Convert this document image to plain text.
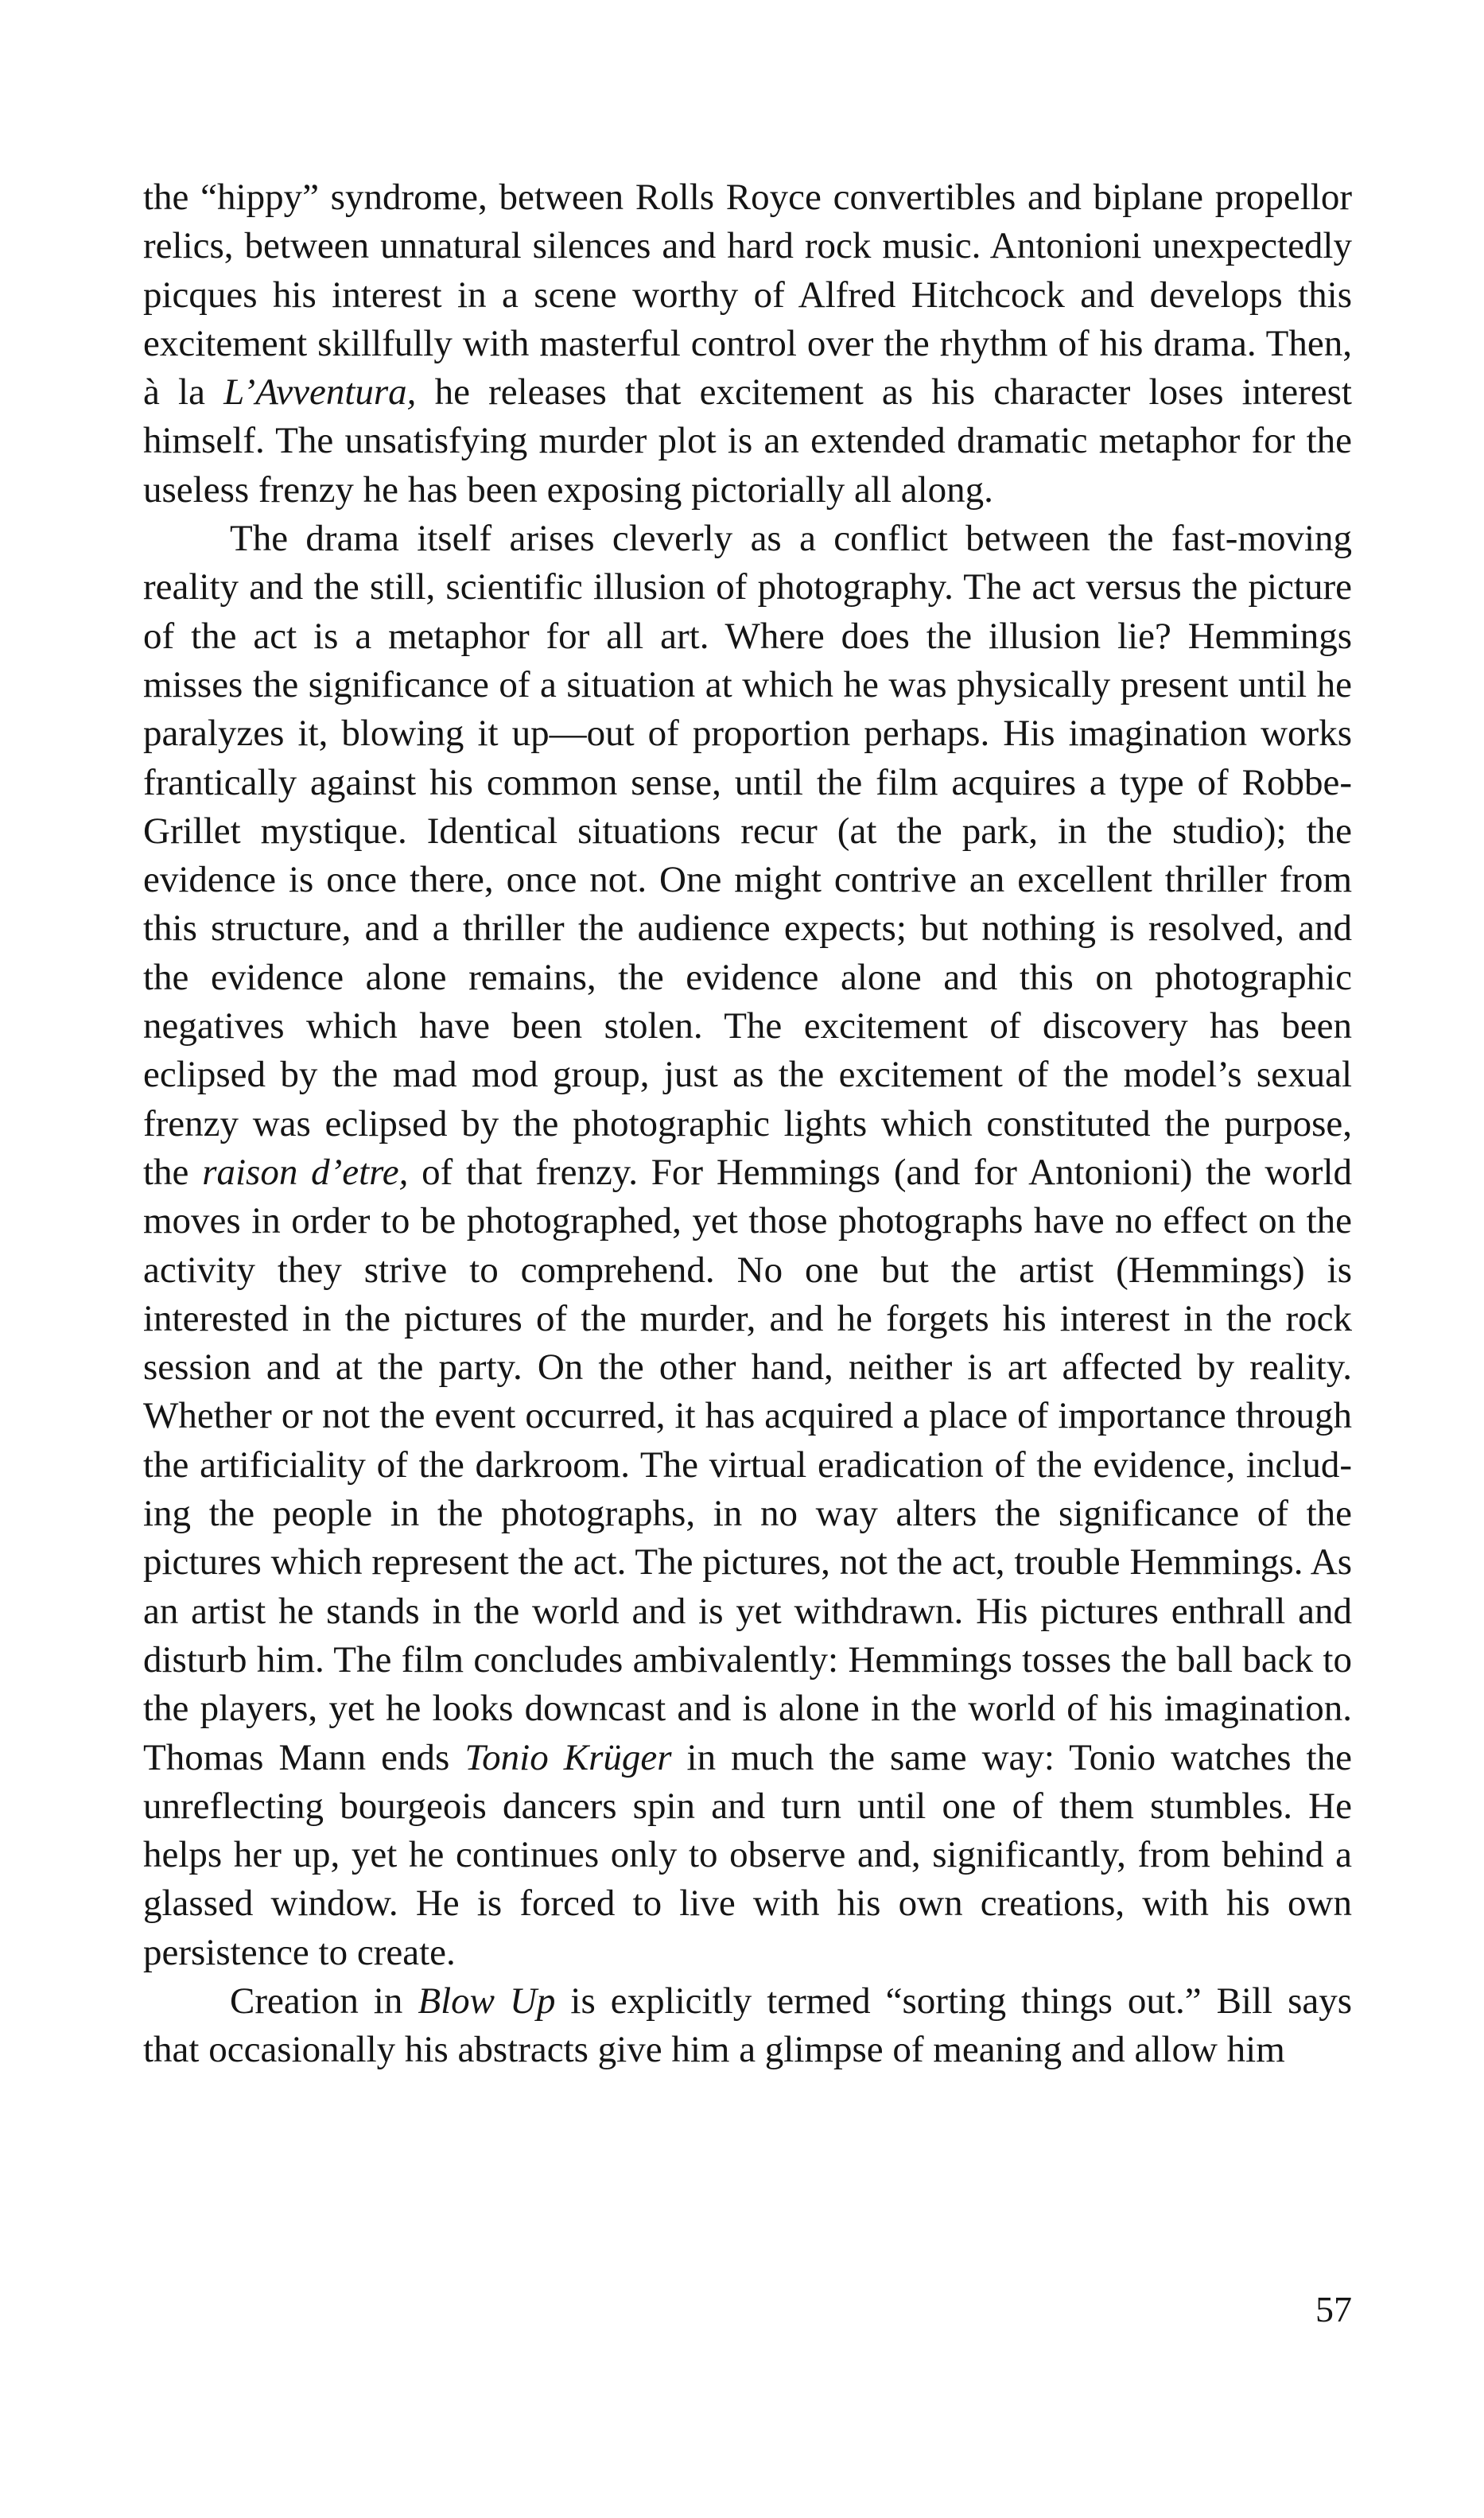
the “hippy” syndrome, between Rolls Royce convertibles and biplane propellor relics, between unnatural silences and hard rock music. Antonioni unexpectedly picques his interest in a scene worthy of Alfred Hitchcock and develops this excitement skillfully with masterful control over the rhythm of his drama. Then, à la L’Avventura, he releases that excitement as his character loses interest himself. The unsatisfying murder plot is an extended dramatic metaphor for the useless frenzy he has been exposing pictorially all along.

The drama itself arises cleverly as a conflict between the fast-moving reality and the still, scientific illusion of photography. The act versus the picture of the act is a metaphor for all art. Where does the illusion lie? Hemmings misses the significance of a situation at which he was physically present until he paralyzes it, blowing it up—out of proportion perhaps. His imagination works frantically against his common sense, until the film acquires a type of Robbe-Grillet mystique. Identical situations recur (at the park, in the studio); the evidence is once there, once not. One might contrive an excellent thriller from this structure, and a thriller the audience expects; but nothing is resolved, and the evidence alone remains, the evidence alone and this on photographic negatives which have been stolen. The excitement of discovery has been eclipsed by the mad mod group, just as the excitement of the model’s sexual frenzy was eclipsed by the photographic lights which constituted the purpose, the raison d’etre, of that frenzy. For Hemmings (and for Antonioni) the world moves in order to be photographed, yet those photographs have no effect on the activity they strive to comprehend. No one but the artist (Hemmings) is interested in the pictures of the murder, and he forgets his interest in the rock session and at the party. On the other hand, neither is art affected by reality. Whether or not the event occurred, it has acquired a place of importance through the artificiality of the darkroom. The virtual eradication of the evidence, including the people in the photographs, in no way alters the significance of the pictures which represent the act. The pictures, not the act, trouble Hemmings. As an artist he stands in the world and is yet withdrawn. His pictures enthrall and disturb him. The film concludes ambivalently: Hemmings tosses the ball back to the players, yet he looks downcast and is alone in the world of his imagination. Thomas Mann ends Tonio Krüger in much the same way: Tonio watches the unreflecting bourgeois dancers spin and turn until one of them stumbles. He helps her up, yet he continues only to observe and, significantly, from behind a glassed window. He is forced to live with his own creations, with his own persistence to create.

Creation in Blow Up is explicitly termed “sorting things out.” Bill says that occasionally his abstracts give him a glimpse of meaning and allow him

57
